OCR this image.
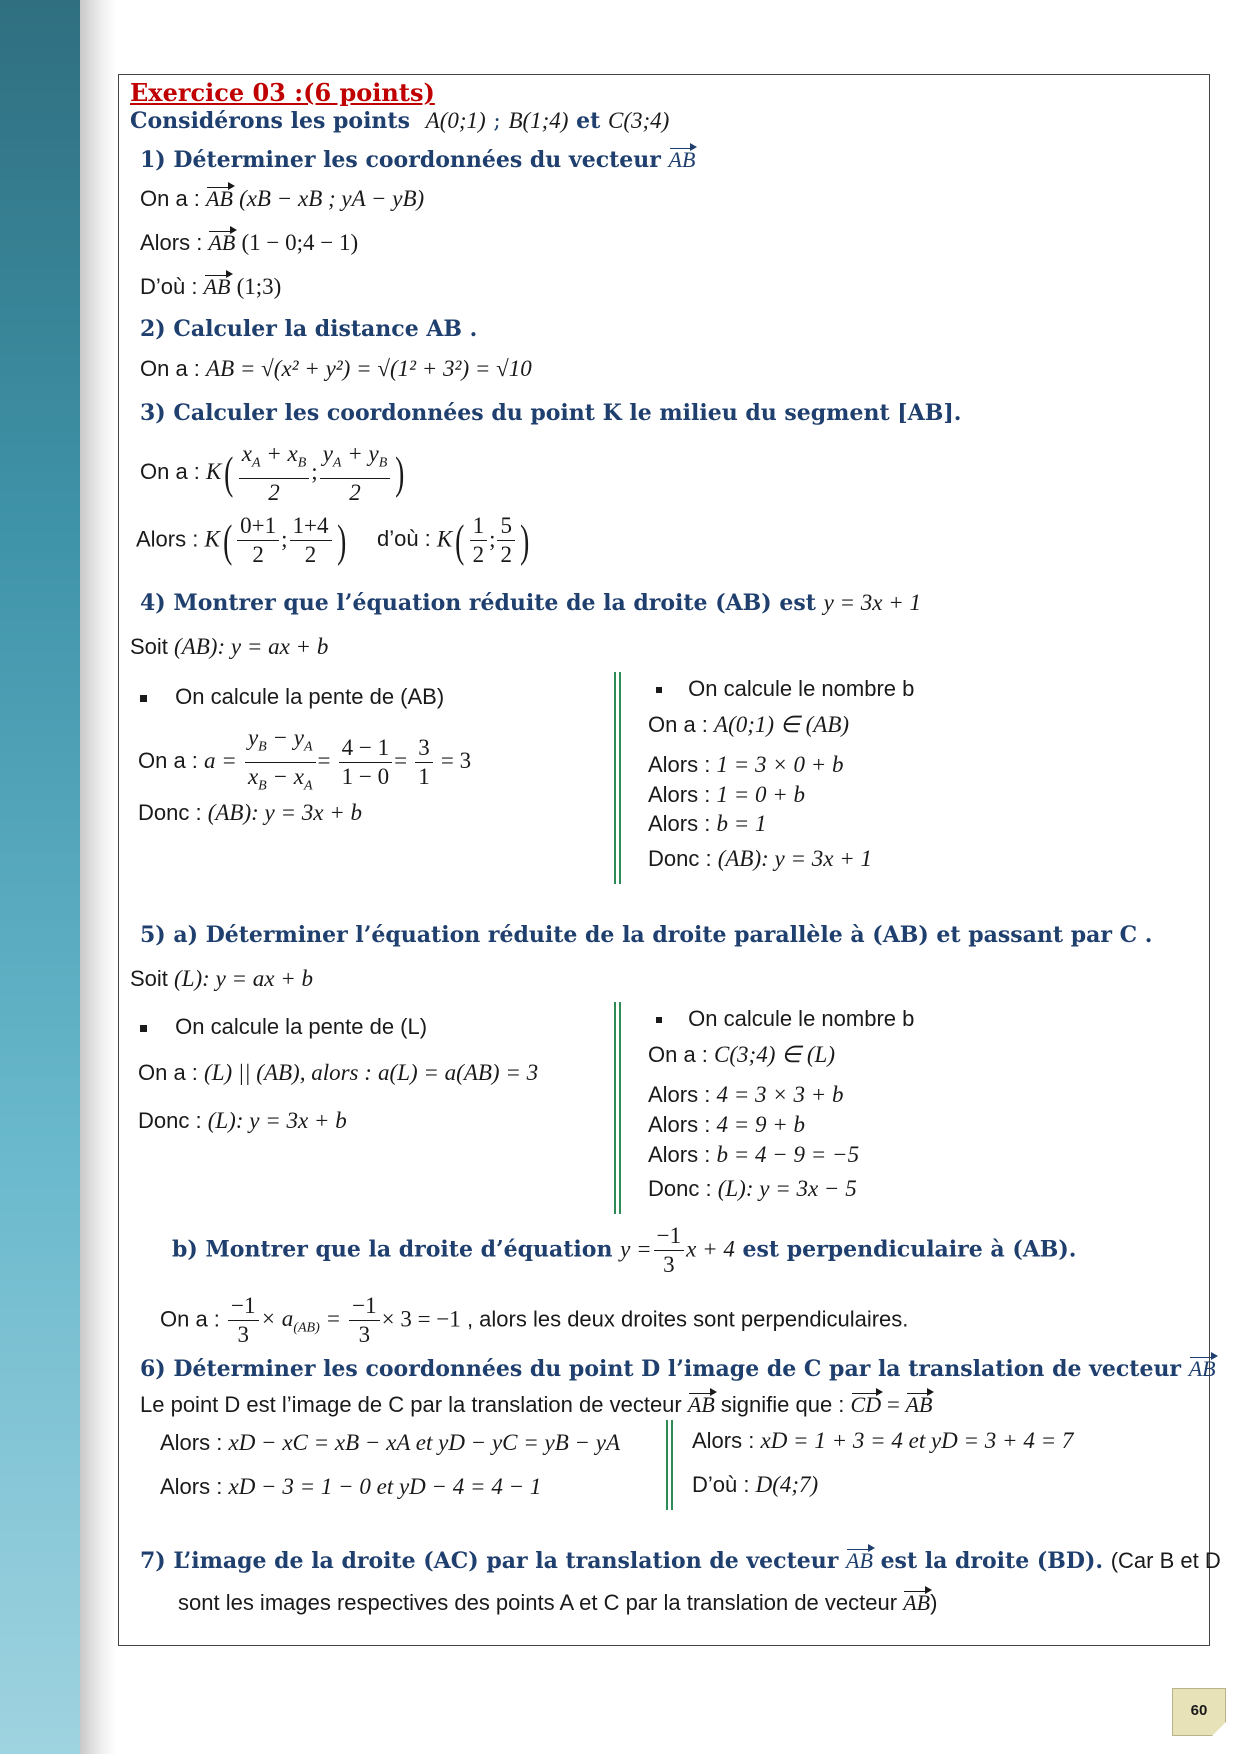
Exercice 03 :(6 points)
Considérons les points A(0;1) ; B(1;4) et C(3;4)
1) Déterminer les coordonnées du vecteur AB
On a : AB (xB − xB ; yA − yB)
Alors : AB (1 − 0;4 − 1)
D’où : AB (1;3)
2) Calculer la distance AB .
On a : AB = √(x² + y²) = √(1² + 3²) = √10
3) Calculer les coordonnées du point K le milieu du segment [AB].
On a : $K( \frac{x_A + x_B}{2}$ ; $\frac{y_A + y_B}{2}$ )
Alors : $K( \frac{0+1}{2}$ ; $\frac{1+4}{2}$ ) d’où : $K( \frac{1}{2}$ ; $\frac{5}{2}$ )
4) Montrer que l’équation réduite de la droite (AB) est y = 3x + 1
Soit (AB): y = ax + b
On calcule la pente de (AB)
On a : $a = \frac{y_B - y_A}{x_B - x_A} = \frac{4 - 1}{1 - 0} = \frac{3}{1} = 3$
Donc : (AB): y = 3x + b
On calcule le nombre b
On a : A(0;1) ∈ (AB)
Alors : 1 = 3 × 0 + b
Alors : 1 = 0 + b
Alors : b = 1
Donc : (AB): y = 3x + 1
5) a) Déterminer l’équation réduite de la droite parallèle à (AB) et passant par C .
Soit (L): y = ax + b
On calcule la pente de (L)
On a : (L) || (AB), alors : a(L) = a(AB) = 3
Donc : (L): y = 3x + b
On calcule le nombre b
On a : C(3;4) ∈ (L)
Alors : 4 = 3 × 3 + b
Alors : 4 = 9 + b
Alors : b = 4 − 9 = −5
Donc : (L): y = 3x − 5
b) Montrer que la droite d’équation $y = \frac{-1}{3}$ x + 4 est perpendiculaire à (AB).
On a : $\frac{-1}{3} \times a_{(AB)} = \frac{-1}{3} \times 3 = -1$ , alors les deux droites sont perpendiculaires.
6) Déterminer les coordonnées du point D l’image de C par la translation de vecteur AB
Le point D est l’image de C par la translation de vecteur AB signifie que : CD = AB
Alors : xD − xC = xB − xA et yD − yC = yB − yA
Alors : xD − 3 = 1 − 0 et yD − 4 = 4 − 1
Alors : xD = 1 + 3 = 4 et yD = 3 + 4 = 7
D’où : D(4;7)
7) L’image de la droite (AC) par la translation de vecteur AB est la droite (BD). (Car B et D
sont les images respectives des points A et C par la translation de vecteur AB)
60
